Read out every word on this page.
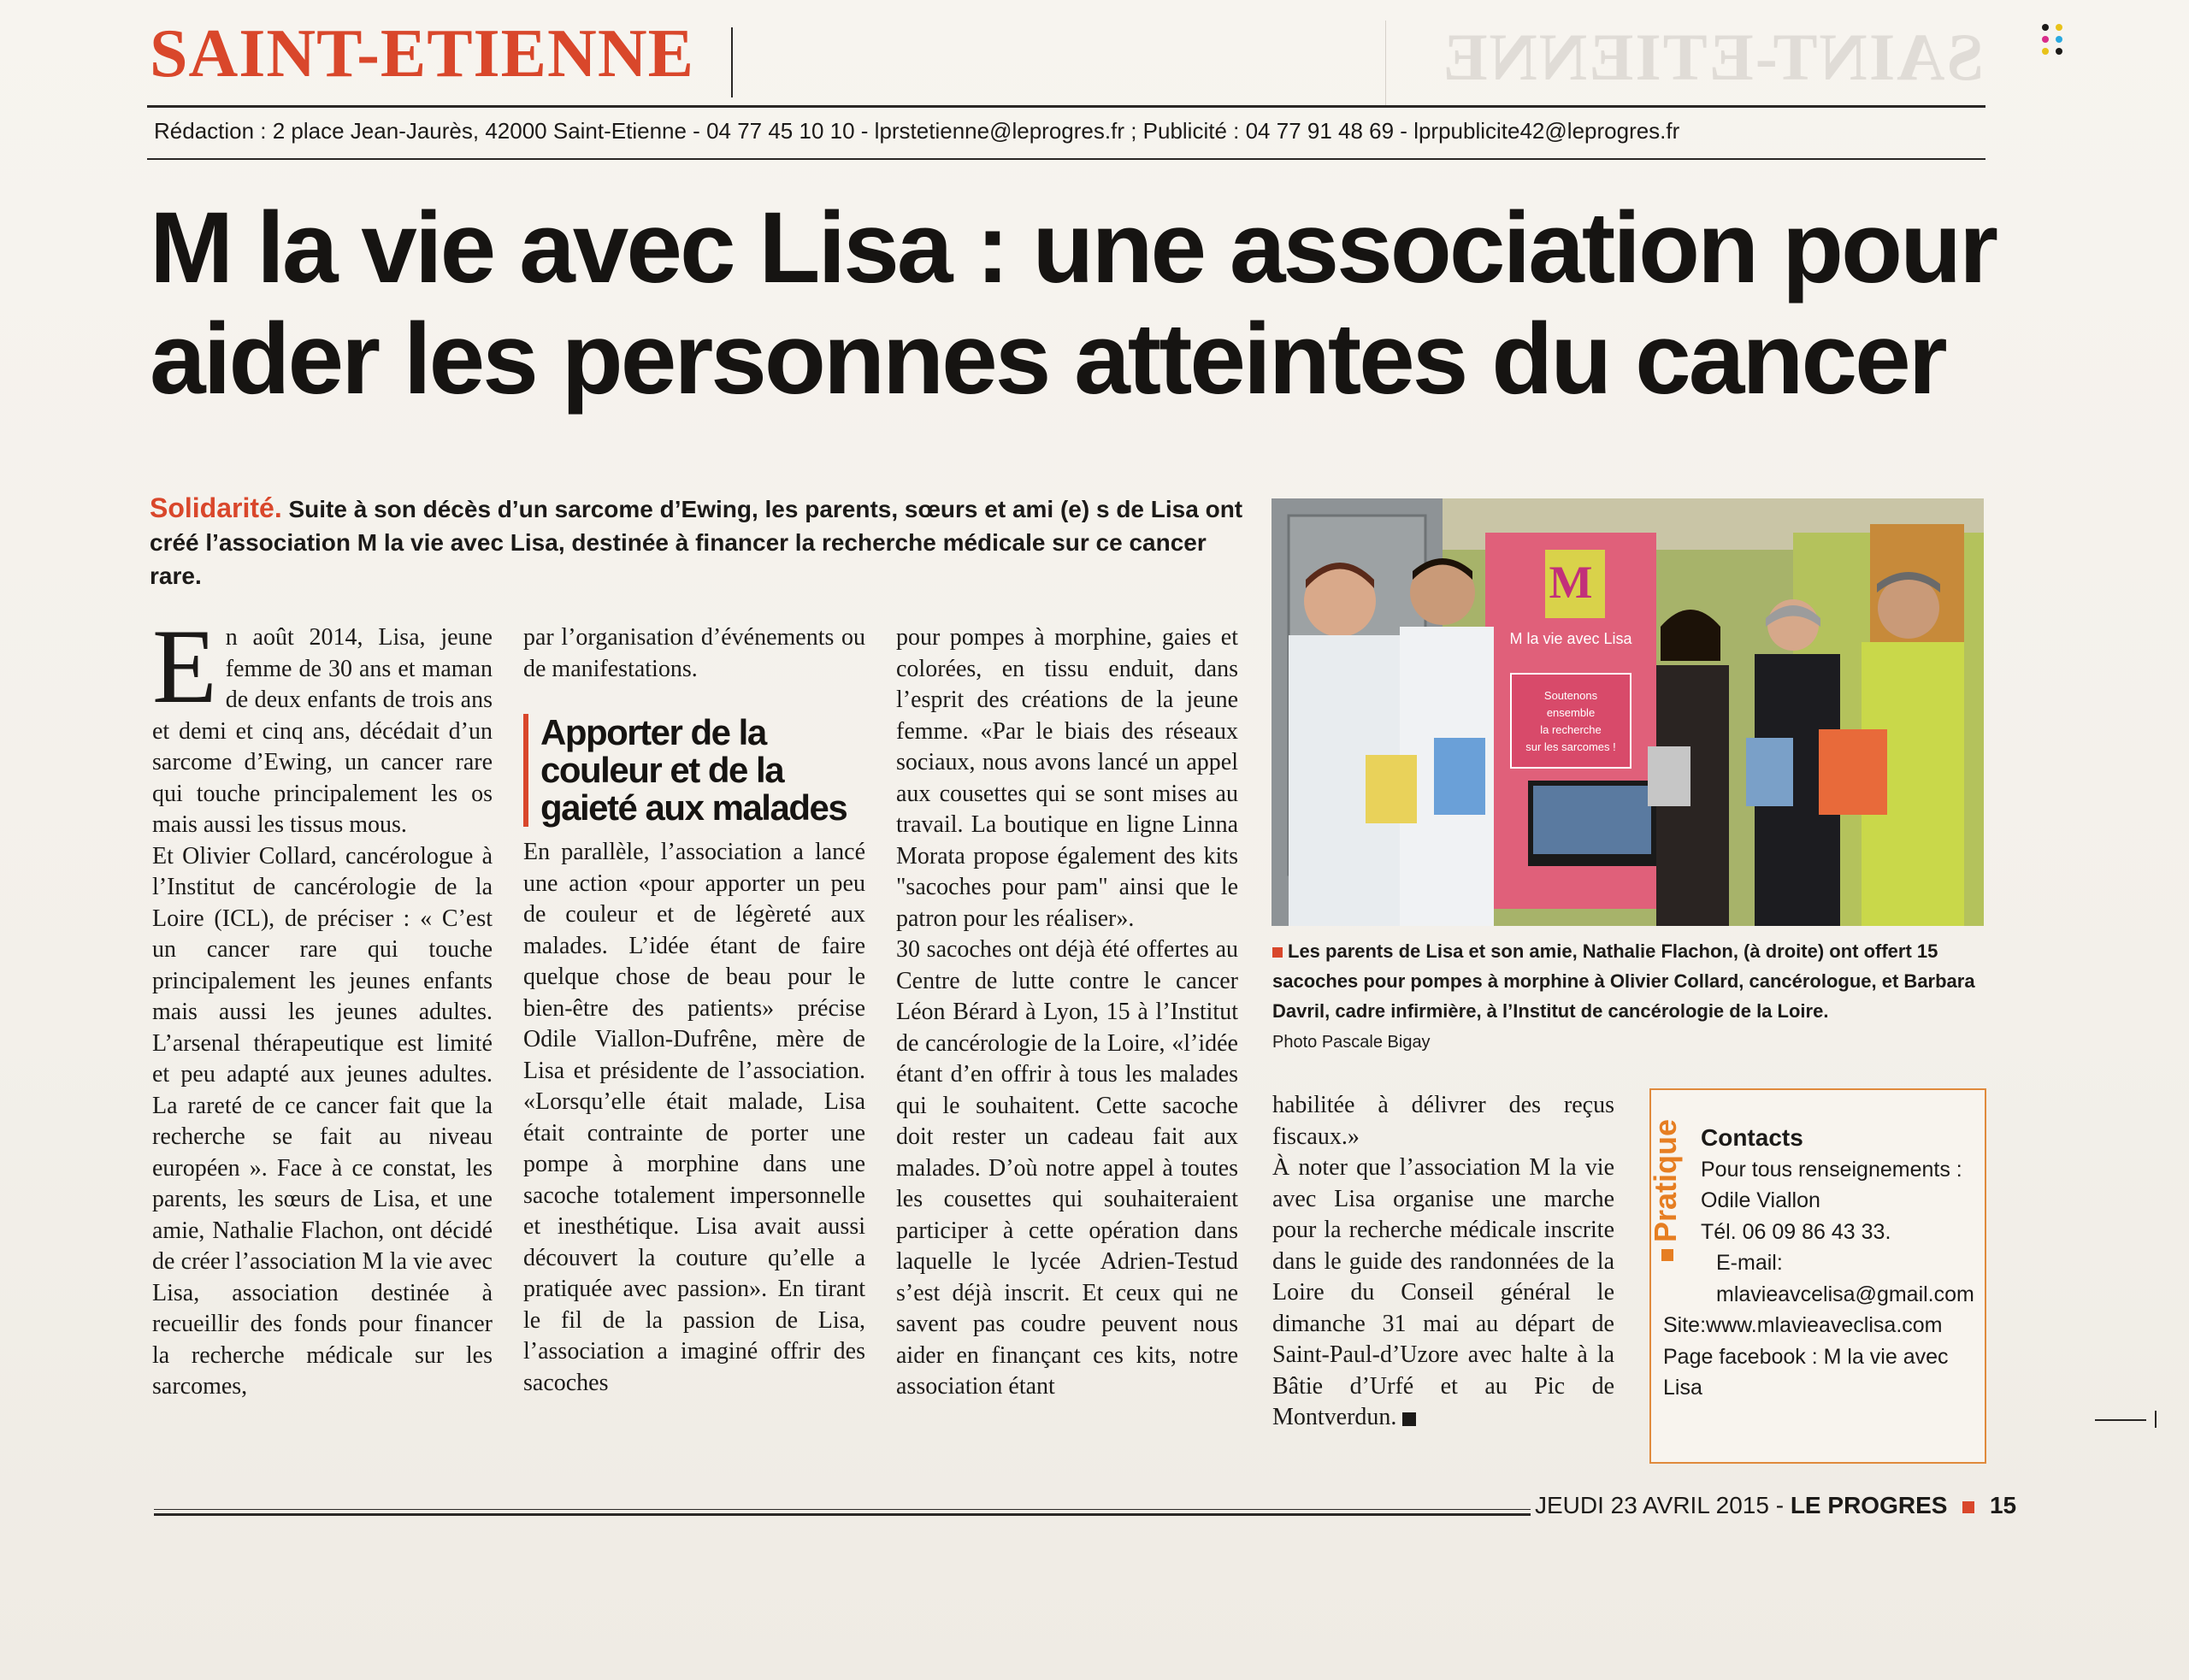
SAINT-ETIENNE
SAINT-ETIENNE
Rédaction : 2 place Jean-Jaurès, 42000 Saint-Etienne - 04 77 45 10 10 - lprstetienne@leprogres.fr ; Publicité : 04 77 91 48 69 - lprpublicite42@leprogres.fr
M la vie avec Lisa : une association pour
aider les personnes atteintes du cancer
Solidarité. Suite à son décès d’un sarcome d’Ewing, les parents, sœurs et ami (e) s de Lisa ont créé l’association M la vie avec Lisa, destinée à financer la recherche médicale sur ce cancer rare.

En août 2014, Lisa, jeune femme de 30 ans et maman de deux enfants de trois ans et demi et cinq ans, décédait d’un sarcome d’Ewing, un cancer rare qui touche principalement les os mais aussi les tissus mous.

Et Olivier Collard, cancérologue à l’Institut de cancérologie de la Loire (ICL), de préciser : « C’est un cancer rare qui touche principalement les jeunes enfants mais aussi les jeunes adultes. L’arsenal thérapeutique est limité et peu adapté aux jeunes adultes. La rareté de ce cancer fait que la recherche se fait au niveau européen ». Face à ce constat, les parents, les sœurs de Lisa, et une amie, Nathalie Flachon, ont décidé de créer l’association M la vie avec Lisa, association destinée à recueillir des fonds pour financer la recherche médicale sur les sarcomes,

par l’organisation d’événements ou de manifestations.

Apporter de la couleur et de la gaieté aux malades

En parallèle, l’association a lancé une action «pour apporter un peu de couleur et de légèreté aux malades. L’idée étant de faire quelque chose de beau pour le bien-être des patients» précise Odile Viallon-Dufrêne, mère de Lisa et présidente de l’association. «Lorsqu’elle était malade, Lisa était contrainte de porter une pompe à morphine dans une sacoche totalement impersonnelle et inesthétique. Lisa avait aussi découvert la couture qu’elle a pratiquée avec passion». En tirant le fil de la passion de Lisa, l’association a imaginé offrir des sacoches

pour pompes à morphine, gaies et colorées, en tissu enduit, dans l’esprit des créations de la jeune femme. «Par le biais des réseaux sociaux, nous avons lancé un appel aux cousettes qui se sont mises au travail. La boutique en ligne Linna Morata propose également des kits "sacoches pour pam" ainsi que le patron pour les réaliser».

30 sacoches ont déjà été offertes au Centre de lutte contre le cancer Léon Bérard à Lyon, 15 à l’Institut de cancérologie de la Loire, «l’idée étant d’en offrir à tous les malades qui le souhaitent. Cette sacoche doit rester un cadeau fait aux malades. D’où notre appel à toutes les cousettes qui souhaiteraient participer à cette opération dans laquelle le lycée Adrien-Testud s’est déjà inscrit. Et ceux qui ne savent pas coudre peuvent nous aider en finançant ces kits, notre association étant

habilitée à délivrer des reçus fiscaux.»

À noter que l’association M la vie avec Lisa organise une marche pour la recherche médicale inscrite dans le guide des randonnées de la Loire du Conseil général le dimanche 31 mai au départ de Saint-Paul-d’Uzore avec halte à la Bâtie d’Urfé et au Pic de Montverdun.

M
M la vie avec Lisa
Soutenons
ensemble
la recherche
sur les sarcomes !
Les parents de Lisa et son amie, Nathalie Flachon, (à droite) ont offert 15 sacoches pour pompes à morphine à Olivier Collard, cancérologue, et Barbara Davril, cadre infirmière, à l’Institut de cancérologie de la Loire.
Photo Pascale Bigay
Pratique Contacts
Pour tous renseignements :
Odile Viallon
Tél. 06 09 86 43 33.
E-mail: mlavieavcelisa@gmail.com
Site:www.mlavieaveclisa.com
Page facebook : M la vie avec Lisa
JEUDI 23 AVRIL 2015 - LE PROGRES 15
